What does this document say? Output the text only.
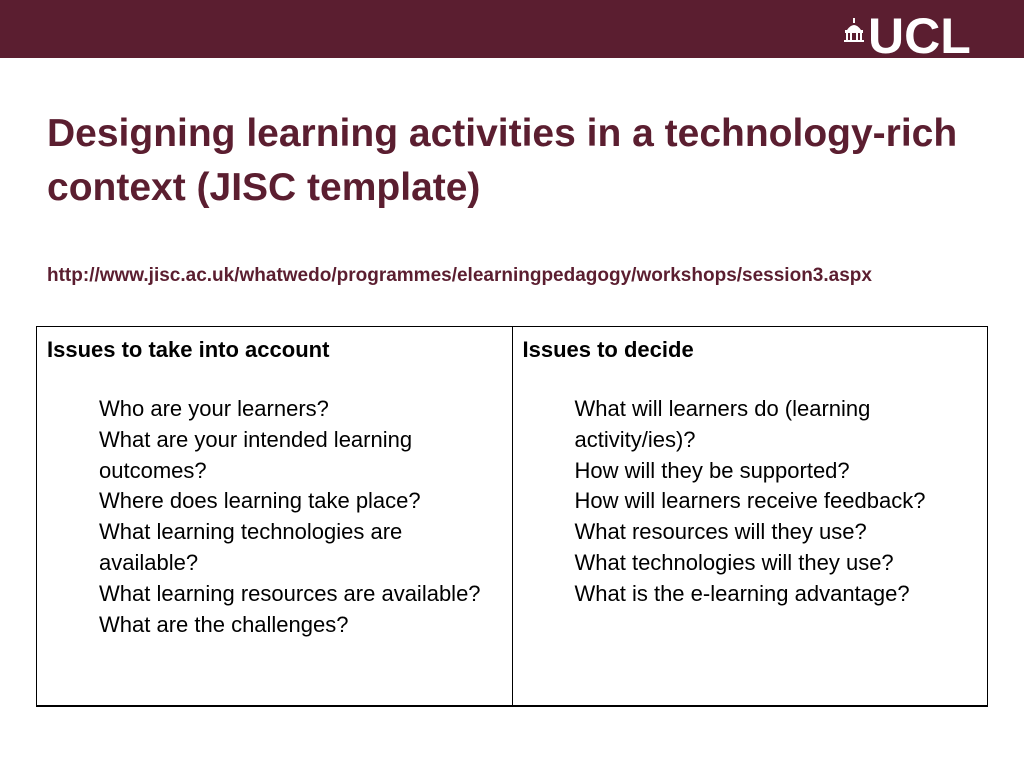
UCL
Designing learning activities in a technology-rich context (JISC template)

http://www.jisc.ac.uk/whatwedo/programmes/elearningpedagogy/workshops/session3.aspx

Issues to take into account

Who are your learners?
What are your intended learning outcomes?
Where does learning take place?
What learning technologies are available?
What learning resources are available?
What are the challenges?

Issues to decide

What will learners do (learning activity/ies)?
How will they be supported?
How will learners receive feedback?
What resources will they use?
What technologies will they use?
What is the e-learning advantage?
